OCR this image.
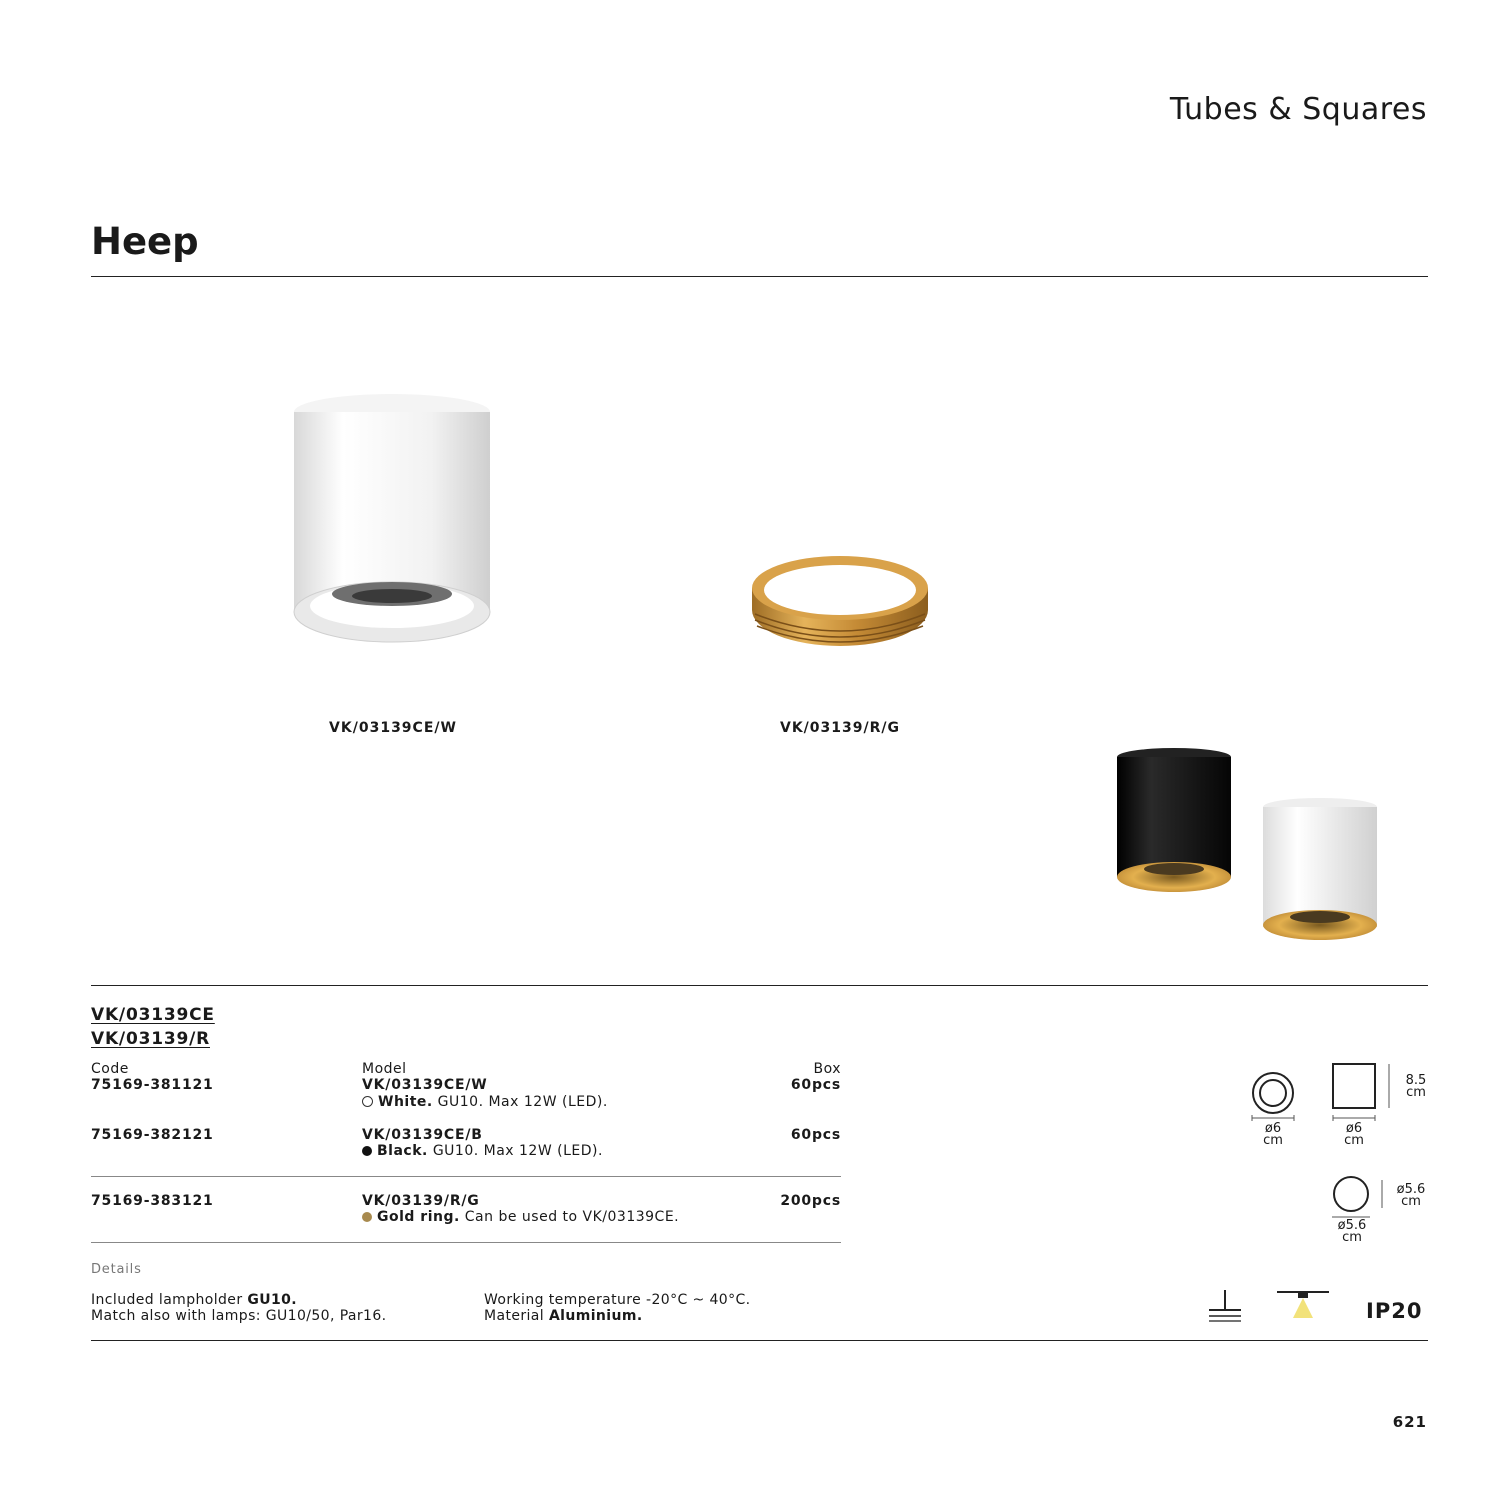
Tubes & Squares
Heep
VK/03139CE/W	VK/03139/R/G
VK/03139CE
VK/03139/R
Code	Model	Box
75169-381121	VK/03139CE/W	60pcs
White. GU10. Max 12W (LED).
75169-382121	VK/03139CE/B	60pcs
Black. GU10. Max 12W (LED).
75169-383121	VK/03139/R/G	200pcs
Gold ring. Can be used to VK/03139CE.
Details
Included lampholder GU10.
Match also with lamps: GU10/50, Par16.
Working temperature -20°C ~ 40°C.
Material Aluminium.
ø6
cm
ø6
cm
8.5
cm
ø5.6
cm
ø5.6
cm
IP20
621
